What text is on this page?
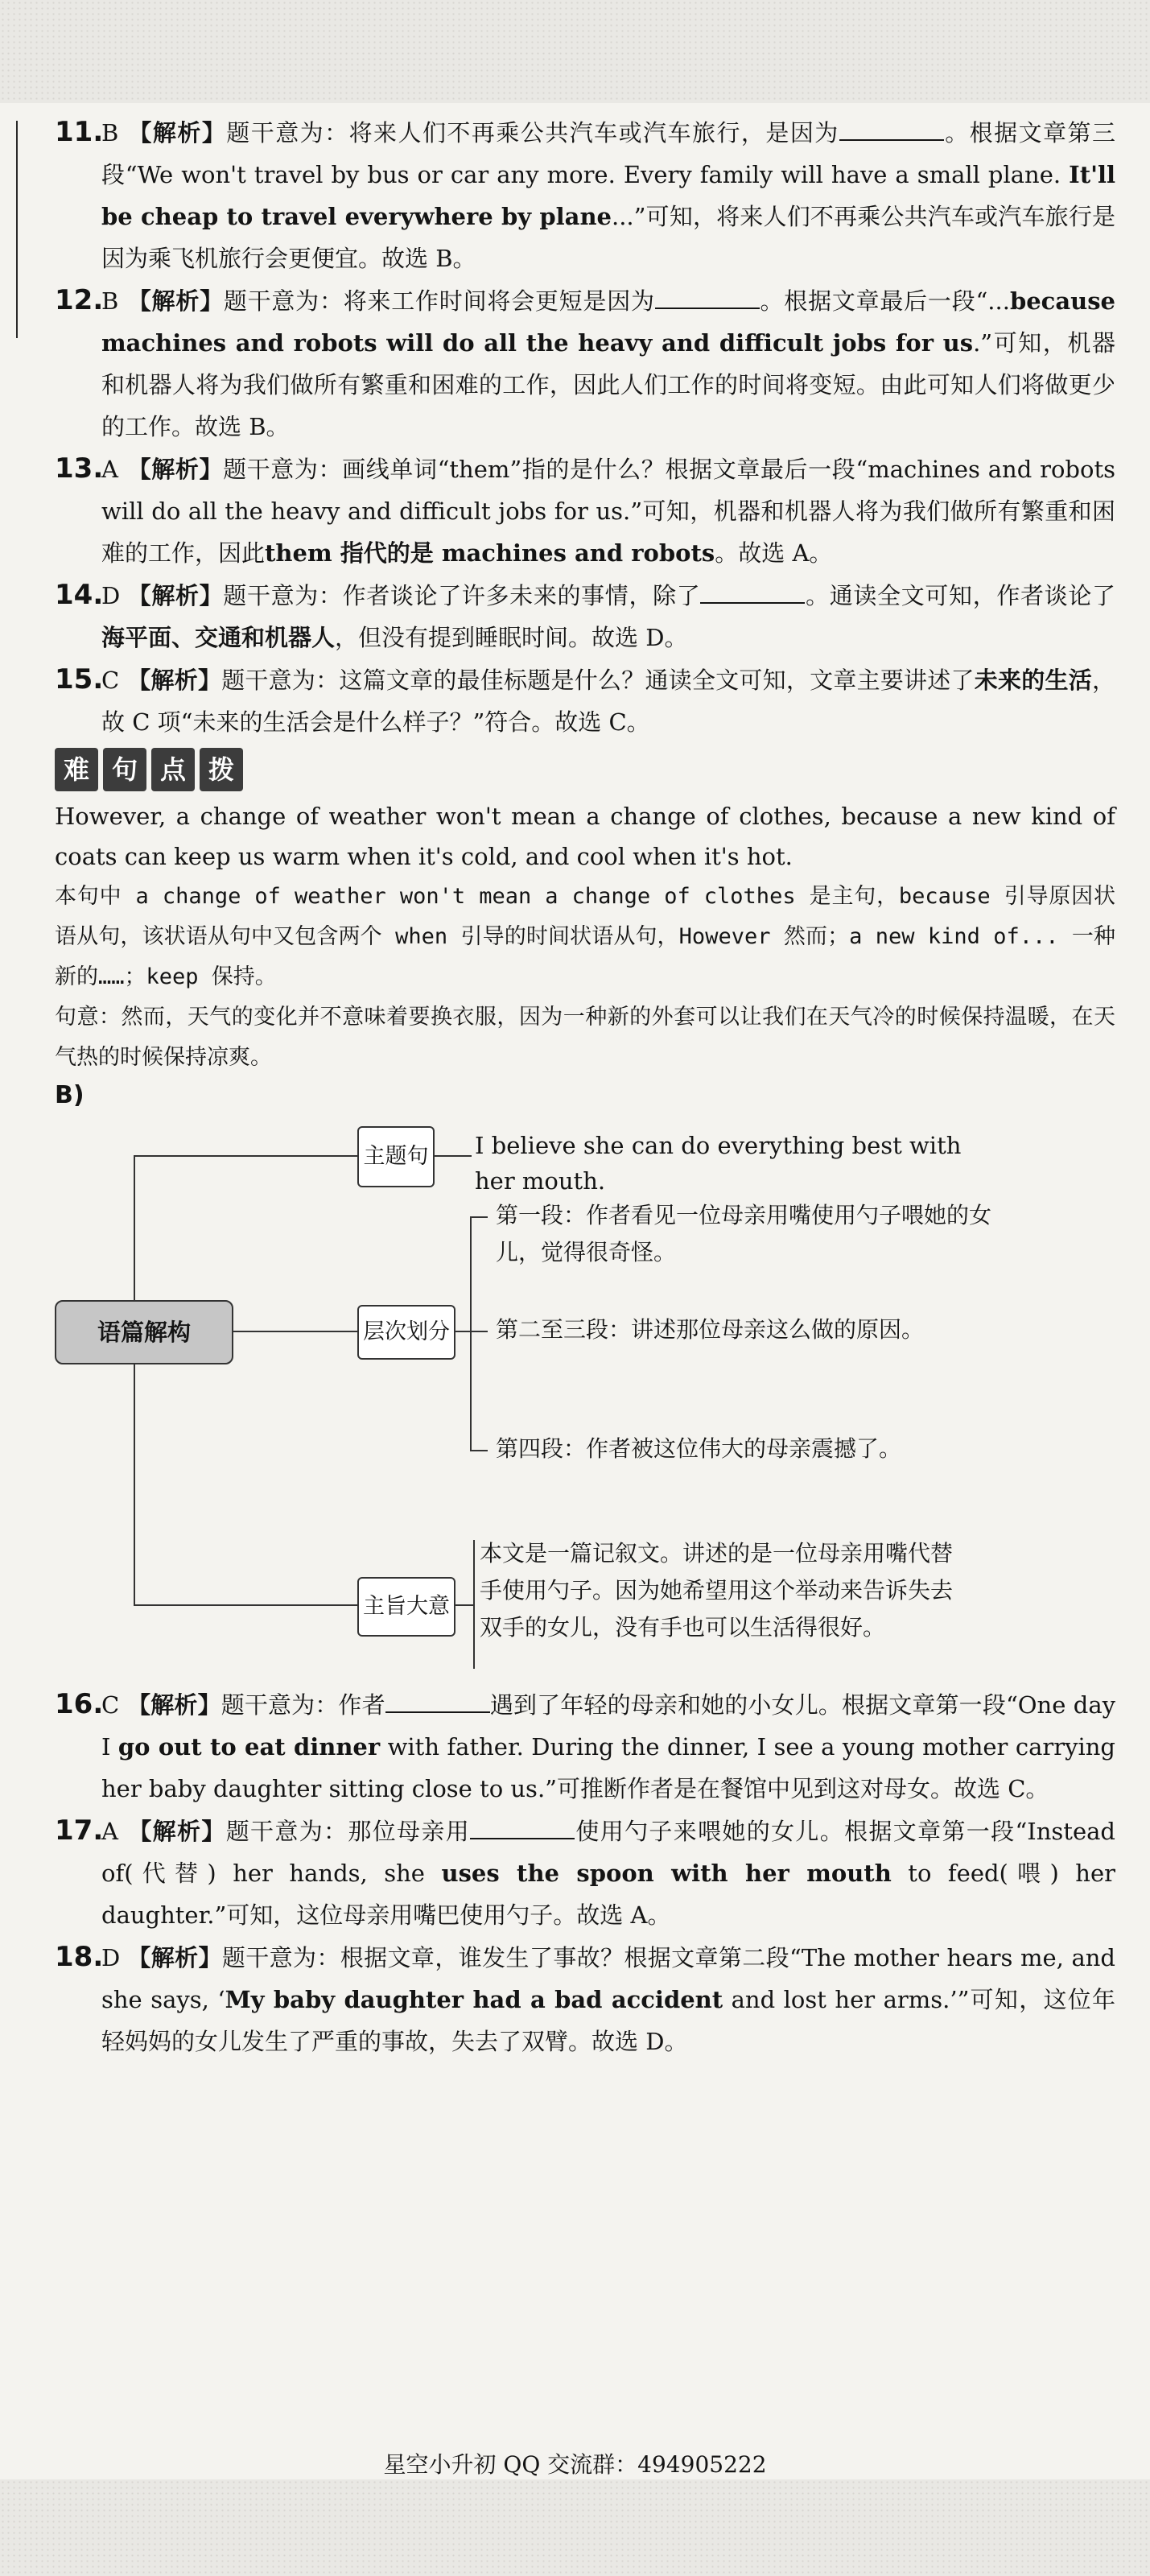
11.B 【解析】题干意为：将来人们不再乘公共汽车或汽车旅行，是因为	。根据文章第三段“We won't travel by bus or car any more. Every family will have a small plane. It'll be cheap to travel everywhere by plane...”可知，将来人们不再乘公共汽车或汽车旅行是因为乘飞机旅行会更便宜。故选 B。

12.B 【解析】题干意为：将来工作时间将会更短是因为	。根据文章最后一段“...because machines and robots will do all the heavy and difficult jobs for us.”可知，机器和机器人将为我们做所有繁重和困难的工作，因此人们工作的时间将变短。由此可知人们将做更少的工作。故选 B。

13.A 【解析】题干意为：画线单词“them”指的是什么？根据文章最后一段“machines and robots will do all the heavy and difficult jobs for us.”可知，机器和机器人将为我们做所有繁重和困难的工作，因此them 指代的是 machines and robots。故选 A。

14.D 【解析】题干意为：作者谈论了许多未来的事情，除了	。通读全文可知，作者谈论了海平面、交通和机器人，但没有提到睡眠时间。故选 D。

15.C 【解析】题干意为：这篇文章的最佳标题是什么？通读全文可知，文章主要讲述了未来的生活，故 C 项“未来的生活会是什么样子？”符合。故选 C。

难 句 点 拨

However, a change of weather won't mean a change of clothes, because a new kind of coats can keep us warm when it's cold, and cool when it's hot.

本句中 a change of weather won't mean a change of clothes 是主句，because 引导原因状语从句，该状语从句中又包含两个 when 引导的时间状语从句，However 然而；a new kind of... 一种新的……；keep 保持。

句意：然而，天气的变化并不意味着要换衣服，因为一种新的外套可以让我们在天气冷的时候保持温暖，在天气热的时候保持凉爽。

B)
语篇解构
主题句
层次划分
主旨大意
I believe she can do everything best with her mouth.
第一段：作者看见一位母亲用嘴使用勺子喂她的女儿，觉得很奇怪。
第二至三段：讲述那位母亲这么做的原因。
第四段：作者被这位伟大的母亲震撼了。
本文是一篇记叙文。讲述的是一位母亲用嘴代替手使用勺子。因为她希望用这个举动来告诉失去双手的女儿，没有手也可以生活得很好。

16.C 【解析】题干意为：作者	遇到了年轻的母亲和她的小女儿。根据文章第一段“One day I go out to eat dinner with father. During the dinner, I see a young mother carrying her baby daughter sitting close to us.”可推断作者是在餐馆中见到这对母女。故选 C。

17.A 【解析】题干意为：那位母亲用	使用勺子来喂她的女儿。根据文章第一段“Instead of(代替) her hands, she uses the spoon with her mouth to feed(喂) her daughter.”可知，这位母亲用嘴巴使用勺子。故选 A。

18.D 【解析】题干意为：根据文章，谁发生了事故？根据文章第二段“The mother hears me, and she says, ‘My baby daughter had a bad accident and lost her arms.’”可知，这位年轻妈妈的女儿发生了严重的事故，失去了双臂。故选 D。

星空小升初 QQ 交流群：494905222
